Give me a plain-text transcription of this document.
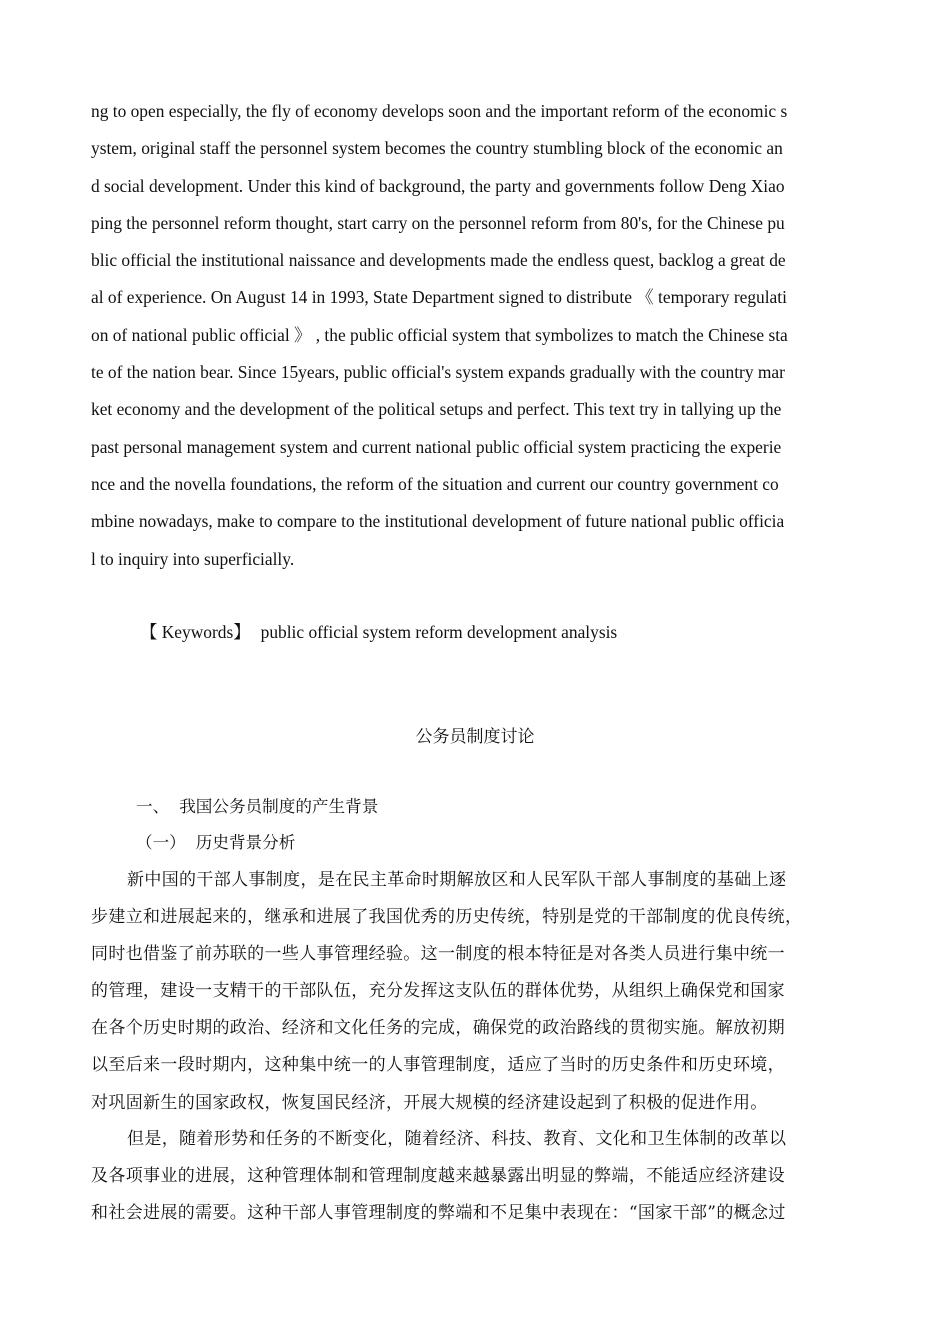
ng to open especially, the fly of economy develops soon and the important reform of the economic s
ystem, original staff the personnel system becomes the country stumbling block of the economic an
d social development. Under this kind of background, the party and governments follow Deng Xiao
ping the personnel reform thought, start carry on the personnel reform from 80's, for the Chinese pu
blic official the institutional naissance and developments made the endless quest, backlog a great de
al of experience. On August 14 in 1993, State Department signed to distribute 《 temporary regulati
on of national public official 》 , the public official system that symbolizes to match the Chinese sta
te of the nation bear. Since 15years, public official's system expands gradually with the country mar
ket economy and the development of the political setups and perfect. This text try in tallying up the
past personal management system and current national public official system practicing the experie
nce and the novella foundations, the reform of the situation and current our country government co
mbine nowadays, make to compare to the institutional development of future national public officia
l to inquiry into superficially.
【 Keywords】 public official system reform development analysis
公务员制度讨论
一、 我国公务员制度的产生背景
（一） 历史背景分析
新中国的干部人事制度，是在民主革命时期解放区和人民军队干部人事制度的基础上逐
步建立和进展起来的，继承和进展了我国优秀的历史传统，特别是党的干部制度的优良传统，
同时也借鉴了前苏联的一些人事管理经验。这一制度的根本特征是对各类人员进行集中统一
的管理，建设一支精干的干部队伍，充分发挥这支队伍的群体优势，从组织上确保党和国家
在各个历史时期的政治、经济和文化任务的完成，确保党的政治路线的贯彻实施。解放初期
以至后来一段时期内，这种集中统一的人事管理制度，适应了当时的历史条件和历史环境，
对巩固新生的国家政权，恢复国民经济，开展大规模的经济建设起到了积极的促进作用。
但是，随着形势和任务的不断变化，随着经济、科技、教育、文化和卫生体制的改革以
及各项事业的进展，这种管理体制和管理制度越来越暴露出明显的弊端，不能适应经济建设
和社会进展的需要。这种干部人事管理制度的弊端和不足集中表现在：“国家干部”的概念过
